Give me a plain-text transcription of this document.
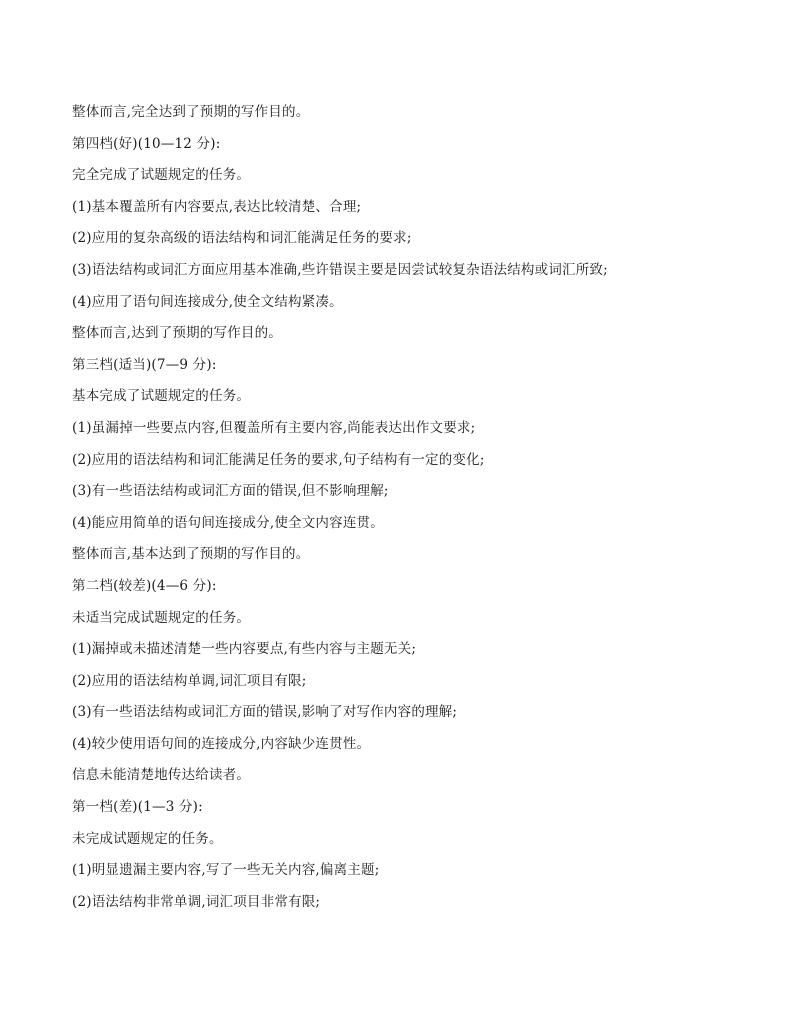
整体而言,完全达到了预期的写作目的。
第四档(好)(10—12 分):
完全完成了试题规定的任务。
(1)基本覆盖所有内容要点,表达比较清楚、合理;
(2)应用的复杂高级的语法结构和词汇能满足任务的要求;
(3)语法结构或词汇方面应用基本准确,些许错误主要是因尝试较复杂语法结构或词汇所致;
(4)应用了语句间连接成分,使全文结构紧凑。
整体而言,达到了预期的写作目的。
第三档(适当)(7—9 分):
基本完成了试题规定的任务。
(1)虽漏掉一些要点内容,但覆盖所有主要内容,尚能表达出作文要求;
(2)应用的语法结构和词汇能满足任务的要求,句子结构有一定的变化;
(3)有一些语法结构或词汇方面的错误,但不影响理解;
(4)能应用简单的语句间连接成分,使全文内容连贯。
整体而言,基本达到了预期的写作目的。
第二档(较差)(4—6 分):
未适当完成试题规定的任务。
(1)漏掉或未描述清楚一些内容要点,有些内容与主题无关;
(2)应用的语法结构单调,词汇项目有限;
(3)有一些语法结构或词汇方面的错误,影响了对写作内容的理解;
(4)较少使用语句间的连接成分,内容缺少连贯性。
信息未能清楚地传达给读者。
第一档(差)(1—3 分):
未完成试题规定的任务。
(1)明显遗漏主要内容,写了一些无关内容,偏离主题;
(2)语法结构非常单调,词汇项目非常有限;
